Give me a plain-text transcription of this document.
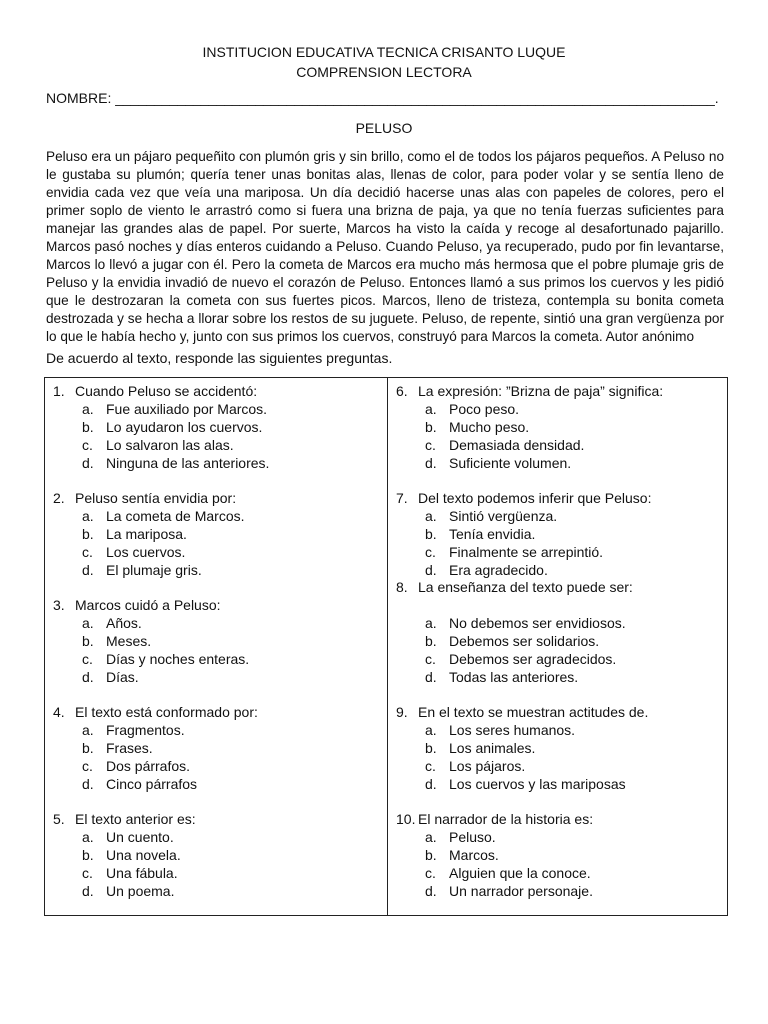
INSTITUCION EDUCATIVA TECNICA CRISANTO LUQUE
COMPRENSION LECTORA
NOMBRE: _____________________________________________________________________________.
PELUSO
Peluso era un pájaro pequeñito con plumón gris y sin brillo, como el de todos los pájaros pequeños. A Peluso no le gustaba su plumón; quería tener unas bonitas alas, llenas de color, para poder volar y se sentía lleno de envidia cada vez que veía una mariposa. Un día decidió hacerse unas alas con papeles de colores, pero el primer soplo de viento le arrastró como si fuera una brizna de paja, ya que no tenía fuerzas suficientes para manejar las grandes alas de papel. Por suerte, Marcos ha visto la caída y recoge al desafortunado pajarillo. Marcos pasó noches y días enteros cuidando a Peluso. Cuando Peluso, ya recuperado, pudo por fin levantarse, Marcos lo llevó a jugar con él. Pero la cometa de Marcos era mucho más hermosa que el pobre plumaje gris de Peluso y la envidia invadió de nuevo el corazón de Peluso. Entonces llamó a sus primos los cuervos y les pidió que le destrozaran la cometa con sus fuertes picos. Marcos, lleno de tristeza, contempla su bonita cometa destrozada y se hecha a llorar sobre los restos de su juguete. Peluso, de repente, sintió una gran vergüenza por lo que le había hecho y, junto con sus primos los cuervos, construyó para Marcos la cometa. Autor anónimo
De acuerdo al texto, responde las siguientes preguntas.
1. Cuando Peluso se accidentó:
a. Fue auxiliado por Marcos.
b. Lo ayudaron los cuervos.
c. Lo salvaron las alas.
d. Ninguna de las anteriores.
2. Peluso sentía envidia por:
a. La cometa de Marcos.
b. La mariposa.
c. Los cuervos.
d. El plumaje gris.
3. Marcos cuidó a Peluso:
a. Años.
b. Meses.
c. Días y noches enteras.
d. Días.
4. El texto está conformado por:
a. Fragmentos.
b. Frases.
c. Dos párrafos.
d. Cinco párrafos
5. El texto anterior es:
a. Un cuento.
b. Una novela.
c. Una fábula.
d. Un poema.
6. La expresión: ”Brizna de paja” significa:
a. Poco peso.
b. Mucho peso.
c. Demasiada densidad.
d. Suficiente volumen.
7. Del texto podemos inferir que Peluso:
a. Sintió vergüenza.
b. Tenía envidia.
c. Finalmente se arrepintió.
d. Era agradecido.
8. La enseñanza del texto puede ser:
a. No debemos ser envidiosos.
b. Debemos ser solidarios.
c. Debemos ser agradecidos.
d. Todas las anteriores.
9. En el texto se muestran actitudes de.
a. Los seres humanos.
b. Los animales.
c. Los pájaros.
d. Los cuervos y las mariposas
10. El narrador de la historia es:
a. Peluso.
b. Marcos.
c. Alguien que la conoce.
d. Un narrador personaje.
